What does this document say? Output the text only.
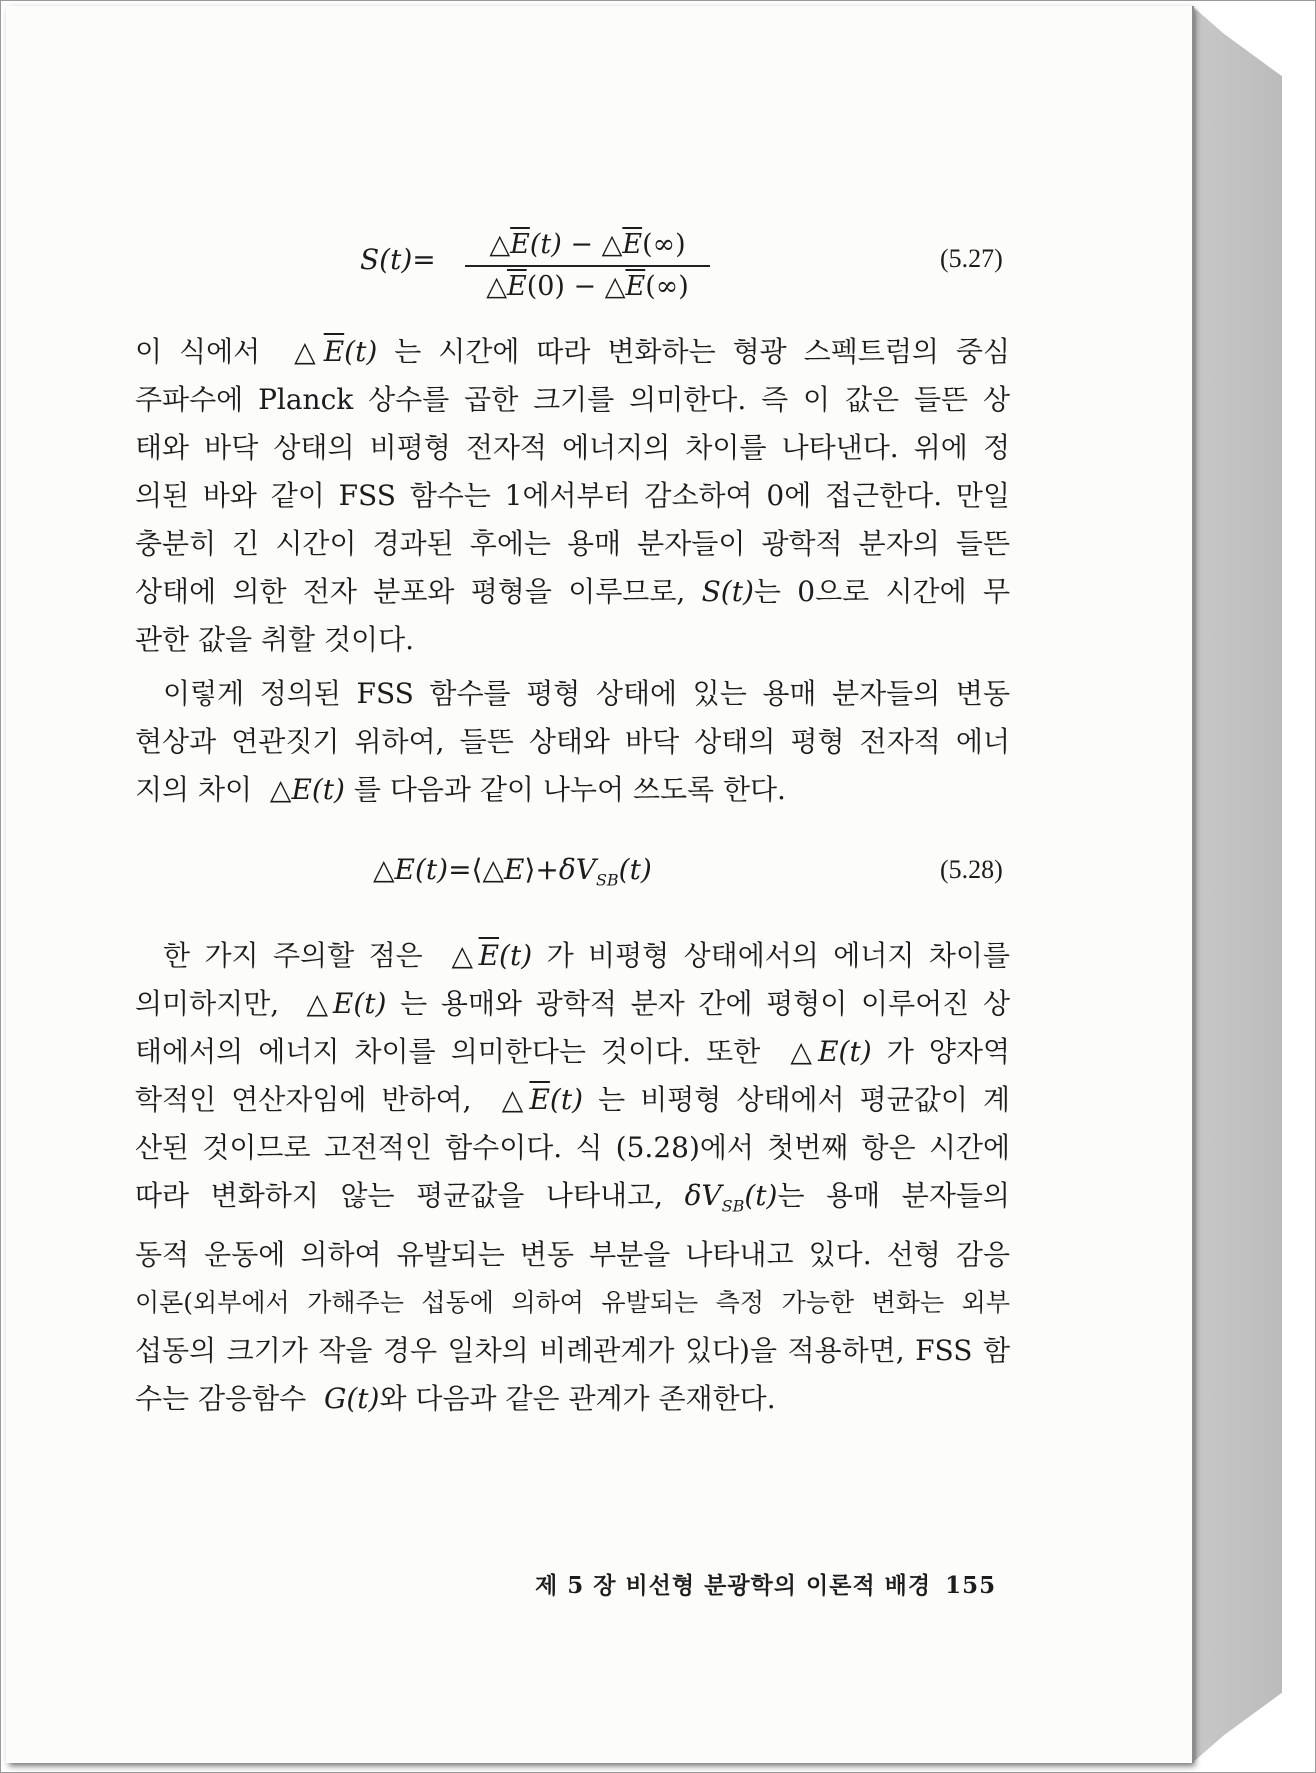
S(t)=	$\triangle\overline{E}(t)$ − $\triangle\overline{E}(\infty)$
$\triangle\overline{E}(0)$ − $\triangle\overline{E}(\infty)$
(5.27)
이 식에서  $\triangle\overline{E}(t)$ 는 시간에 따라 변화하는 형광 스펙트럼의 중심
주파수에 Planck 상수를 곱한 크기를 의미한다. 즉 이 값은 들뜬 상
태와 바닥 상태의 비평형 전자적 에너지의 차이를 나타낸다. 위에 정
의된 바와 같이 FSS 함수는 1에서부터 감소하여 0에 접근한다. 만일
충분히 긴 시간이 경과된 후에는 용매 분자들이 광학적 분자의 들뜬
상태에 의한 전자 분포와 평형을 이루므로, S(t)는 0으로 시간에 무
관한 값을 취할 것이다.
이렇게 정의된 FSS 함수를 평형 상태에 있는 용매 분자들의 변동
현상과 연관짓기 위하여, 들뜬 상태와 바닥 상태의 평형 전자적 에너
지의 차이  △E(t) 를 다음과 같이 나누어 쓰도록 한다.
$\triangle E(t)=⟨\triangle E⟩+\delta V_{SB}(t)$	(5.28)
한 가지 주의할 점은  $\triangle\overline{E}(t)$ 가 비평형 상태에서의 에너지 차이를
의미하지만,  △E(t) 는 용매와 광학적 분자 간에 평형이 이루어진 상
태에서의 에너지 차이를 의미한다는 것이다. 또한  △E(t) 가 양자역
학적인 연산자임에 반하여,  $\triangle\overline{E}(t)$ 는 비평형 상태에서 평균값이 계
산된 것이므로 고전적인 함수이다. 식 (5.28)에서 첫번째 항은 시간에
따라 변화하지 않는 평균값을 나타내고, $\delta V_{SB}(t)$는 용매 분자들의
동적 운동에 의하여 유발되는 변동 부분을 나타내고 있다. 선형 감응
이론(외부에서 가해주는 섭동에 의하여 유발되는 측정 가능한 변화는 외부
섭동의 크기가 작을 경우 일차의 비례관계가 있다)을 적용하면, FSS 함
수는 감응함수  G(t)와 다음과 같은 관계가 존재한다.
제 5 장 비선형 분광학의 이론적 배경 155
